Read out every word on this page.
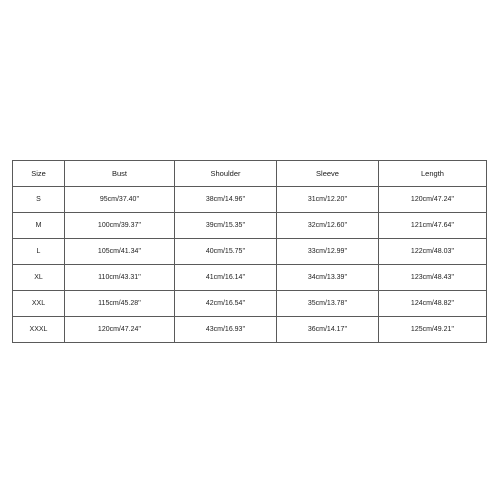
Size	Bust	Shoulder	Sleeve	Length
S	95cm/37.40''	38cm/14.96''	31cm/12.20''	120cm/47.24''
M	100cm/39.37''	39cm/15.35''	32cm/12.60''	121cm/47.64''
L	105cm/41.34''	40cm/15.75''	33cm/12.99''	122cm/48.03''
XL	110cm/43.31''	41cm/16.14''	34cm/13.39''	123cm/48.43''
XXL	115cm/45.28''	42cm/16.54''	35cm/13.78''	124cm/48.82''
XXXL	120cm/47.24''	43cm/16.93''	36cm/14.17''	125cm/49.21''
